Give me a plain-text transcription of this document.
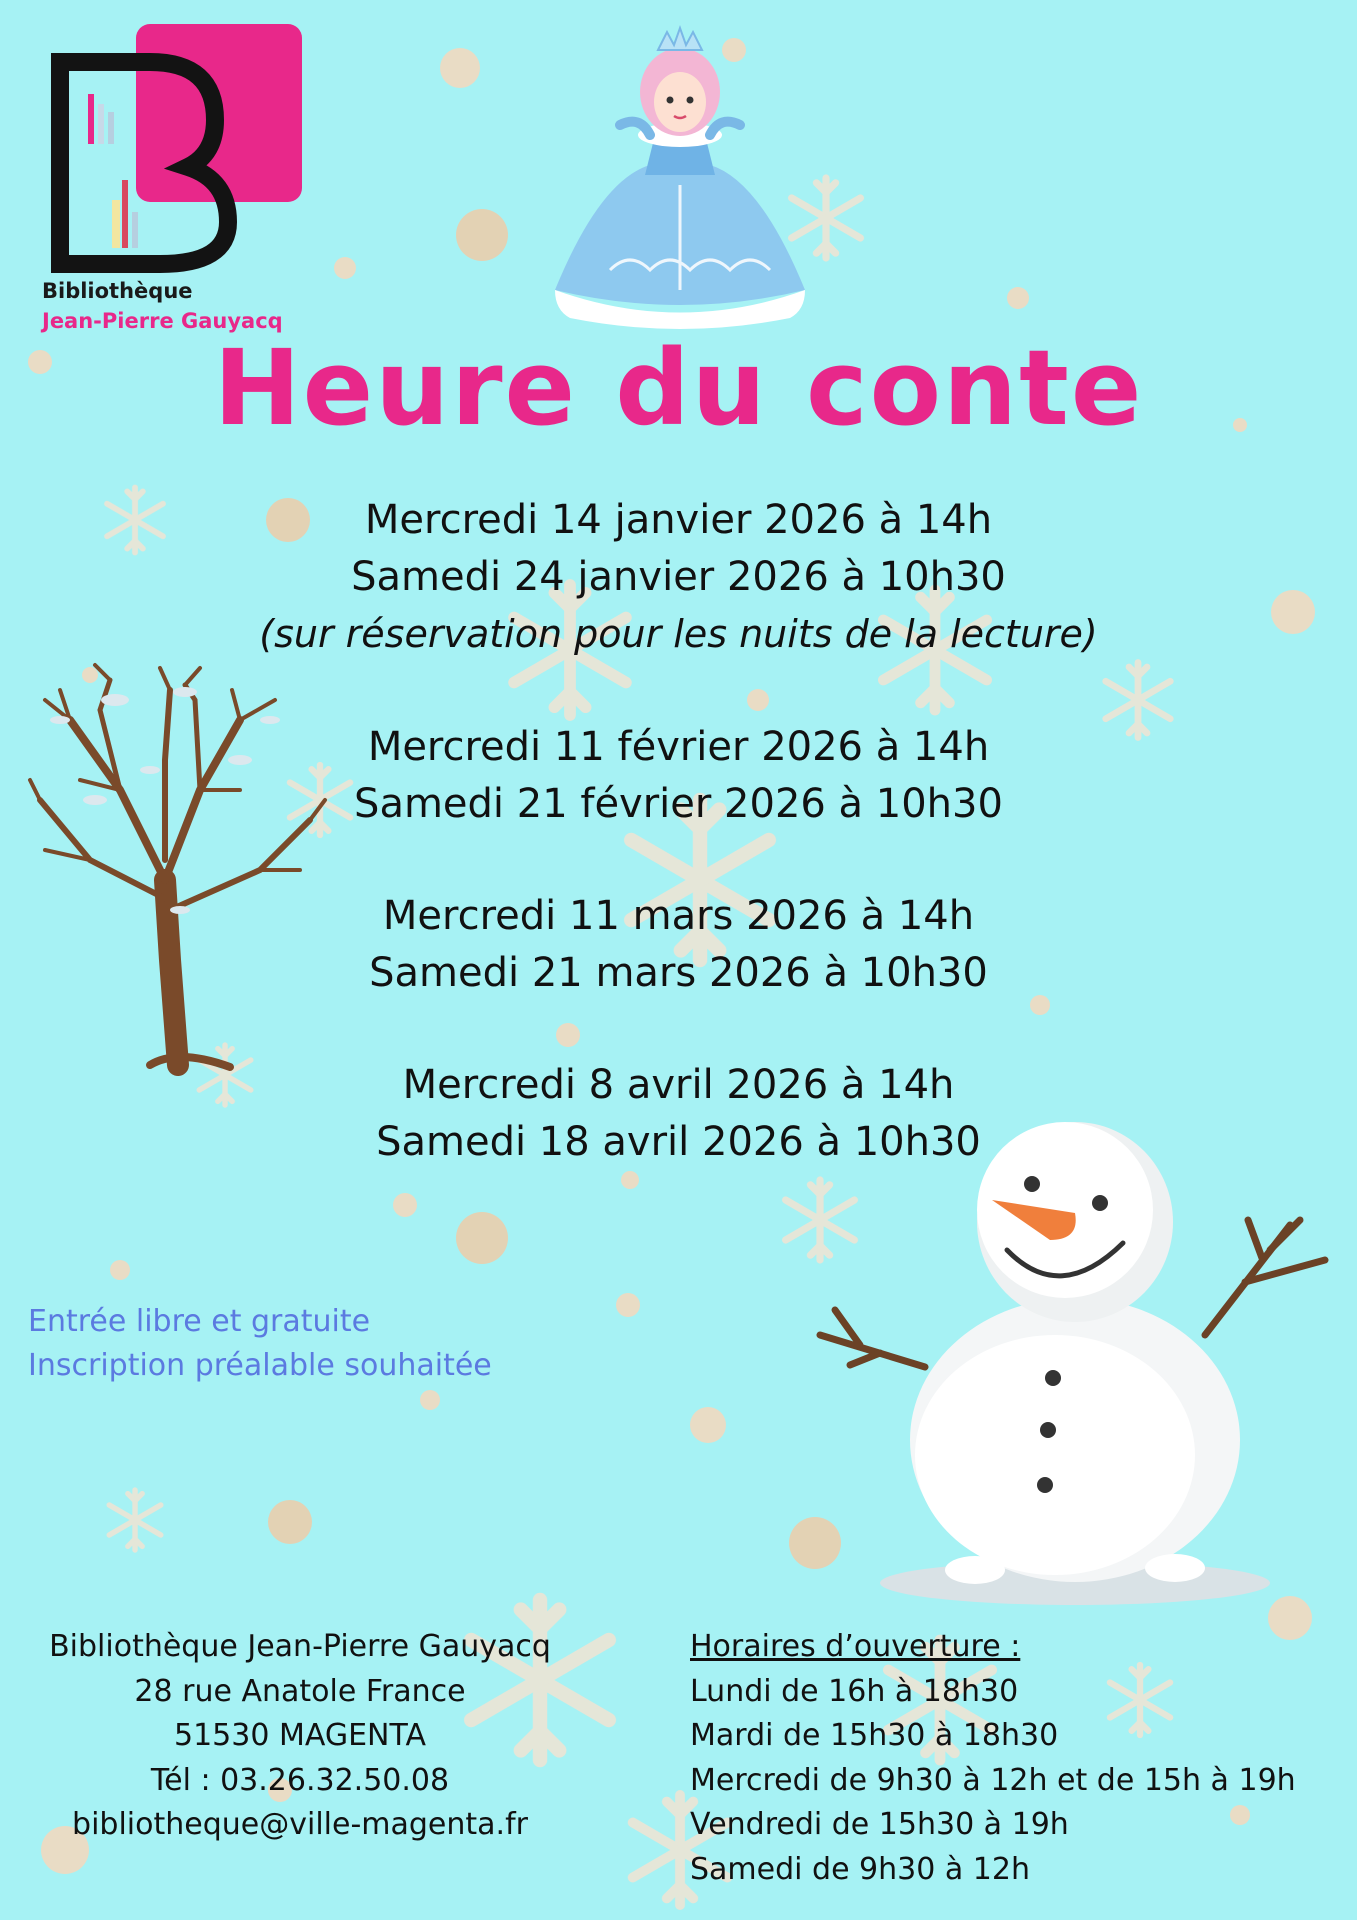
Bibliothèque
Jean-Pierre Gauyacq
Heure du conte
Mercredi 14 janvier 2026 à 14h
Samedi 24 janvier 2026 à 10h30
(sur réservation pour les nuits de la lecture)
Mercredi 11 février 2026 à 14h
Samedi 21 février 2026 à 10h30
Mercredi 11 mars 2026 à 14h
Samedi 21 mars 2026 à 10h30
Mercredi 8 avril 2026 à 14h
Samedi 18 avril 2026 à 10h30
Entrée libre et gratuite
Inscription préalable souhaitée
Bibliothèque Jean-Pierre Gauyacq
28 rue Anatole France
51530 MAGENTA
Tél : 03.26.32.50.08
bibliotheque@ville-magenta.fr
Horaires d’ouverture :
Lundi de 16h à 18h30
Mardi de 15h30 à 18h30
Mercredi de 9h30 à 12h et de 15h à 19h
Vendredi de 15h30 à 19h
Samedi de 9h30 à 12h
